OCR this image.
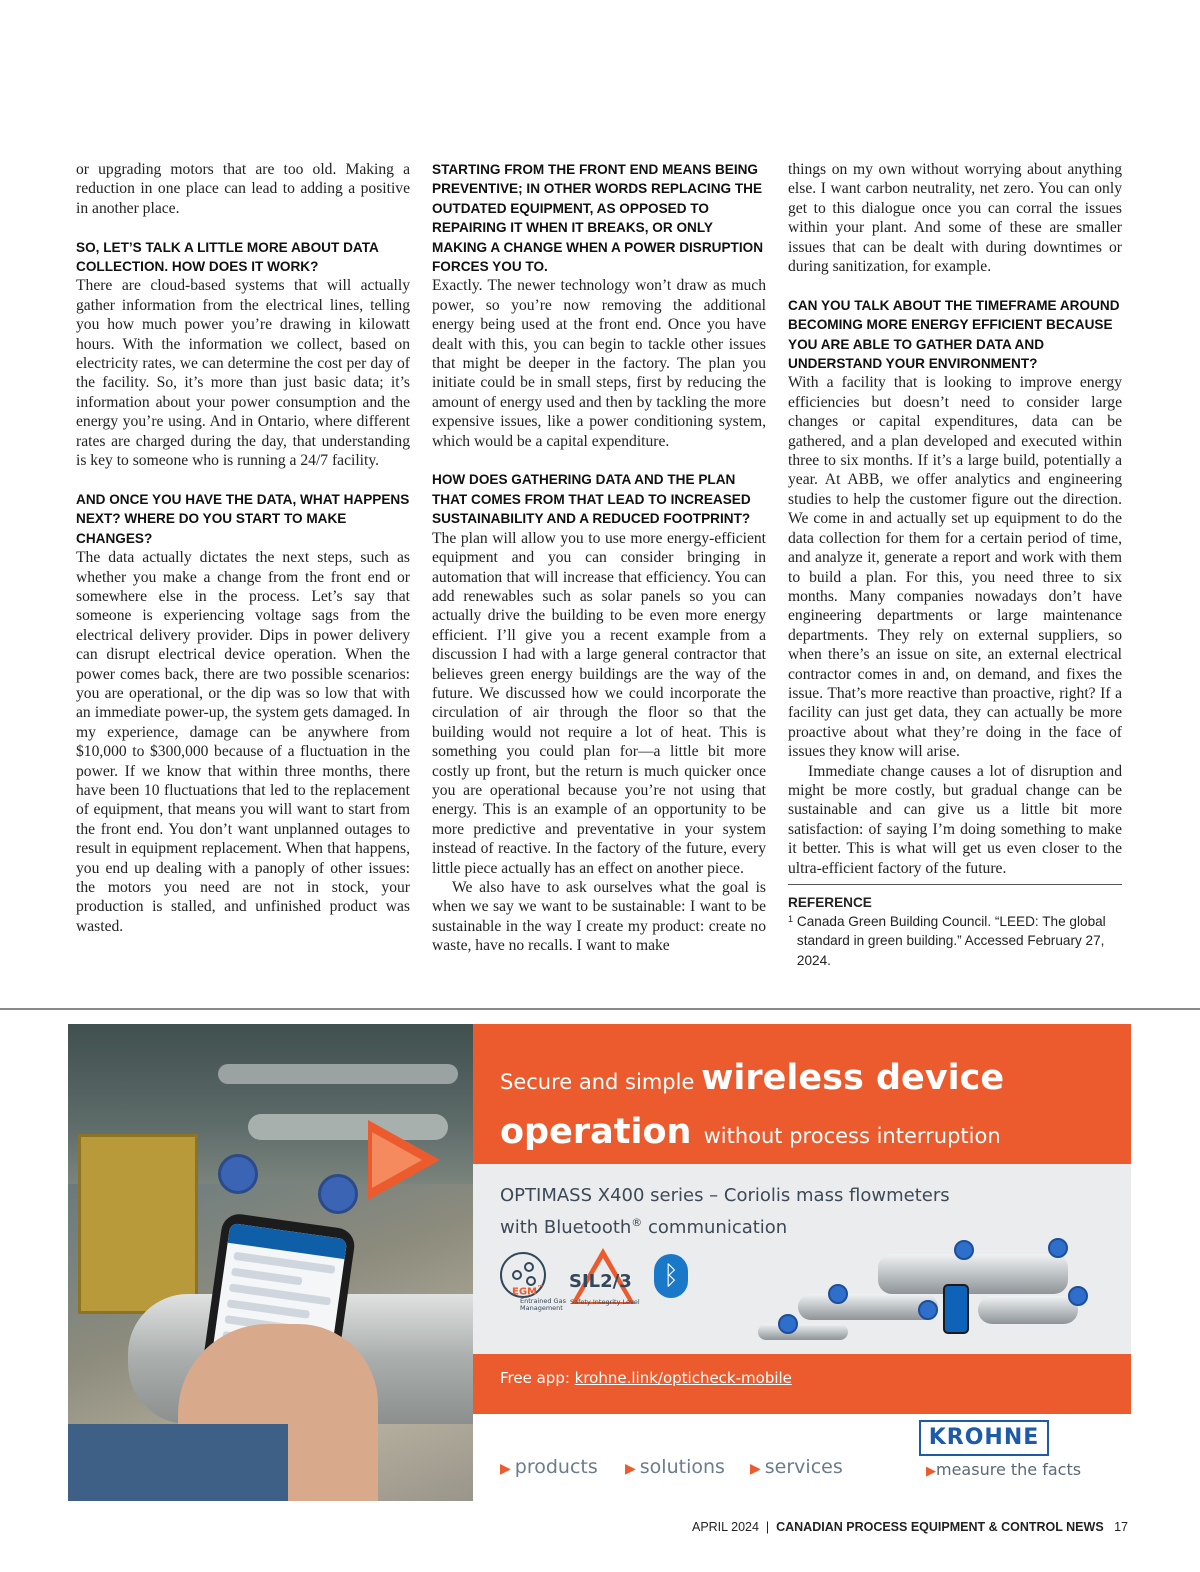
or upgrading motors that are too old. Making a reduction in one place can lead to adding a positive in another place.

SO, LET’S TALK A LITTLE MORE ABOUT DATA COLLECTION. HOW DOES IT WORK?

There are cloud-based systems that will actually gather information from the electrical lines, telling you how much power you’re drawing in kilowatt hours. With the information we collect, based on electricity rates, we can determine the cost per day of the facility. So, it’s more than just basic data; it’s information about your power consumption and the energy you’re using. And in Ontario, where different rates are charged during the day, that understanding is key to someone who is running a 24/7 facility.

AND ONCE YOU HAVE THE DATA, WHAT HAPPENS NEXT? WHERE DO YOU START TO MAKE CHANGES?

The data actually dictates the next steps, such as whether you make a change from the front end or somewhere else in the process. Let’s say that someone is experiencing voltage sags from the electrical delivery provider. Dips in power delivery can disrupt electrical device operation. When the power comes back, there are two possible scenarios: you are operational, or the dip was so low that with an immediate power-up, the system gets damaged. In my experience, damage can be anywhere from $10,000 to $300,000 because of a fluctuation in the power. If we know that within three months, there have been 10 fluctuations that led to the replacement of equipment, that means you will want to start from the front end. You don’t want unplanned outages to result in equipment replacement. When that happens, you end up dealing with a panoply of other issues: the motors you need are not in stock, your production is stalled, and unfinished product was wasted.

STARTING FROM THE FRONT END MEANS BEING PREVENTIVE; IN OTHER WORDS REPLACING THE OUTDATED EQUIPMENT, AS OPPOSED TO REPAIRING IT WHEN IT BREAKS, OR ONLY MAKING A CHANGE WHEN A POWER DISRUPTION FORCES YOU TO.

Exactly. The newer technology won’t draw as much power, so you’re now removing the additional energy being used at the front end. Once you have dealt with this, you can begin to tackle other issues that might be deeper in the factory. The plan you initiate could be in small steps, first by reducing the amount of energy used and then by tackling the more expensive issues, like a power conditioning system, which would be a capital expenditure.

HOW DOES GATHERING DATA AND THE PLAN THAT COMES FROM THAT LEAD TO INCREASED SUSTAINABILITY AND A REDUCED FOOTPRINT?

The plan will allow you to use more energy-efficient equipment and you can consider bringing in automation that will increase that efficiency. You can add renewables such as solar panels so you can actually drive the building to be even more energy efficient. I’ll give you a recent example from a discussion I had with a large general contractor that believes green energy buildings are the way of the future. We discussed how we could incorporate the circulation of air through the floor so that the building would not require a lot of heat. This is something you could plan for—a little bit more costly up front, but the return is much quicker once you are operational because you’re not using that energy. This is an example of an opportunity to be more predictive and preventative in your system instead of reactive. In the factory of the future, every little piece actually has an effect on another piece.

We also have to ask ourselves what the goal is when we say we want to be sustainable: I want to be sustainable in the way I create my product: create no waste, have no recalls. I want to make

things on my own without worrying about anything else. I want carbon neutrality, net zero. You can only get to this dialogue once you can corral the issues within your plant. And some of these are smaller issues that can be dealt with during downtimes or during sanitization, for example.

CAN YOU TALK ABOUT THE TIMEFRAME AROUND BECOMING MORE ENERGY EFFICIENT BECAUSE YOU ARE ABLE TO GATHER DATA AND UNDERSTAND YOUR ENVIRONMENT?

With a facility that is looking to improve energy efficiencies but doesn’t need to consider large changes or capital expenditures, data can be gathered, and a plan developed and executed within three to six months. If it’s a large build, potentially a year. At ABB, we offer analytics and engineering studies to help the customer figure out the direction. We come in and actually set up equipment to do the data collection for them for a certain period of time, and analyze it, generate a report and work with them to build a plan. For this, you need three to six months. Many companies nowadays don’t have engineering departments or large maintenance departments. They rely on external suppliers, so when there’s an issue on site, an external electrical contractor comes in and, on demand, and fixes the issue. That’s more reactive than proactive, right? If a facility can just get data, they can actually be more proactive about what they’re doing in the face of issues they know will arise.

Immediate change causes a lot of disruption and might be more costly, but gradual change can be sustainable and can give us a little bit more satisfaction: of saying I’m doing something to make it better. This is what will get us even closer to the ultra-efficient factory of the future.

REFERENCE

1 Canada Green Building Council. “LEED: The global standard in green building.” Accessed February 27, 2024.
Secure and simple wireless device
operation without process interruption
OPTIMASS X400 series – Coriolis mass flowmeters
with Bluetooth® communication
EGM™
Entrained Gas Management
SIL2/3
Safety Integrity Level
ᛒ
Free app: krohne.link/opticheck-mobile
▶ products ▶ solutions ▶ services
KROHNE
▶measure the facts
APRIL 2024 | CANADIAN PROCESS EQUIPMENT & CONTROL NEWS 17
